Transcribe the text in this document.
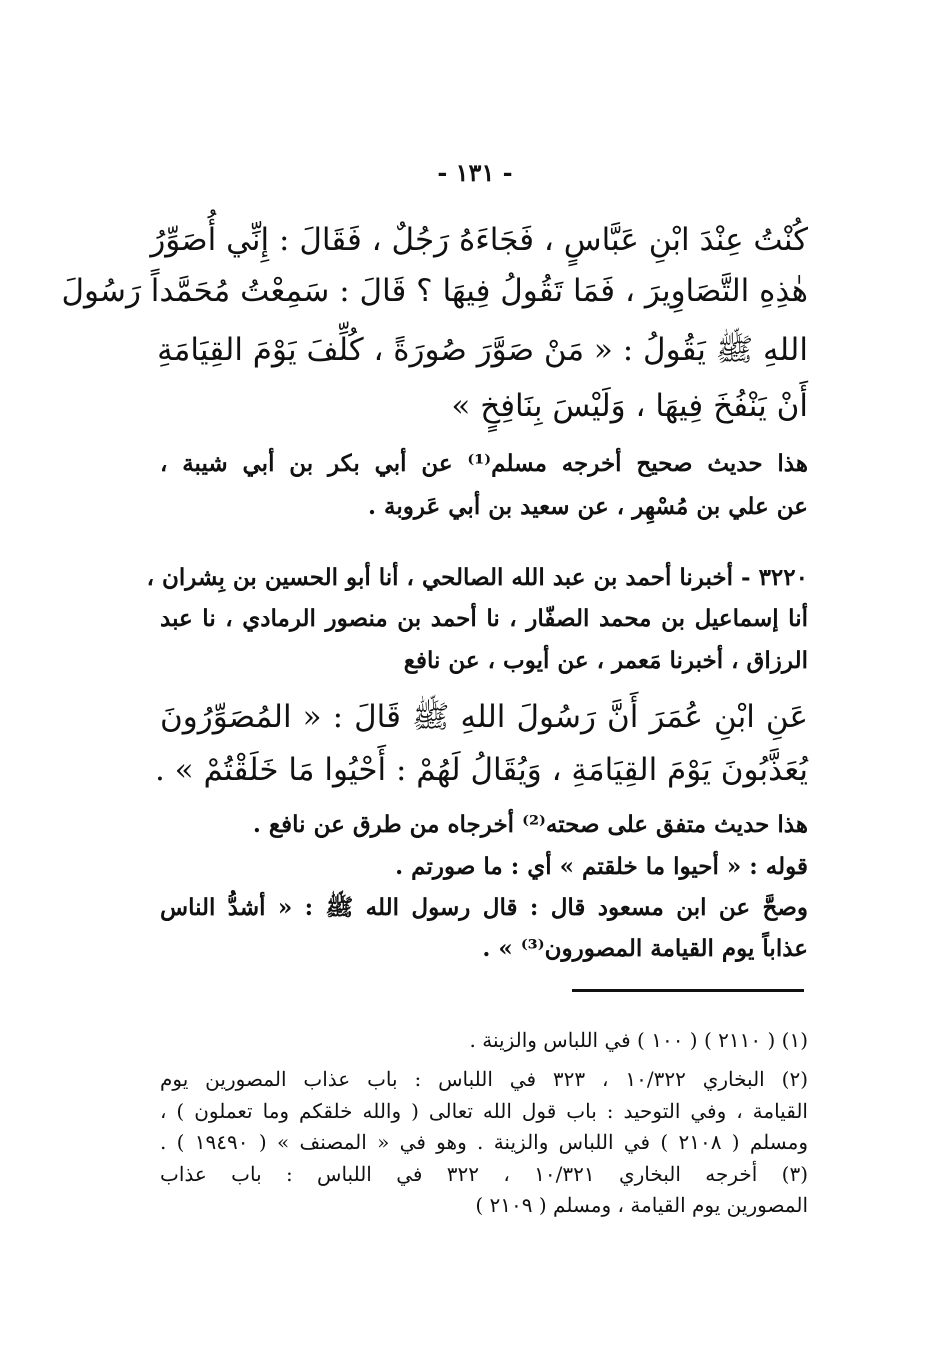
- ١٣١ -
كُنْتُ عِنْدَ ابْنِ عَبَّاسٍ ، فَجَاءَهُ رَجُلٌ ، فَقَالَ : إِنِّي أُصَوِّرُ
هٰذِهِ التَّصَاوِيرَ ، فَمَا تَقُولُ فِيهَا ؟ قَالَ : سَمِعْتُ مُحَمَّداً رَسُولَ
اللهِ ﷺ يَقُولُ : « مَنْ صَوَّرَ صُورَةً ، كُلِّفَ يَوْمَ القِيَامَةِ
أَنْ يَنْفُخَ فِيهَا ، وَلَيْسَ بِنَافِخٍ »
هذا حديث صحيح أخرجه مسلم⁽¹⁾ عن أبي بكر بن أبي شيبة ،
عن علي بن مُسْهِر ، عن سعيد بن أبي عَروبة .
٣٢٢٠ - أخبرنا أحمد بن عبد الله الصالحي ، أنا أبو الحسين بن بِشران ،
أنا إسماعيل بن محمد الصفّار ، نا أحمد بن منصور الرمادي ، نا عبد
الرزاق ، أخبرنا مَعمر ، عن أيوب ، عن نافع
عَنِ ابْنِ عُمَرَ أَنَّ رَسُولَ اللهِ ﷺ قَالَ : « المُصَوِّرُونَ
يُعَذَّبُونَ يَوْمَ القِيَامَةِ ، وَيُقَالُ لَهُمْ : أَحْيُوا مَا خَلَقْتُمْ » .
هذا حديث متفق على صحته⁽²⁾ أخرجاه من طرق عن نافع .
قوله : « أحيوا ما خلقتم » أي : ما صورتم .
وصحَّ عن ابن مسعود قال : قال رسول الله ﷺ : « أشدُّ الناس
عذاباً يوم القيامة المصورون⁽³⁾ » .
(١) ( ٢١١٠ ) ( ١٠٠ ) في اللباس والزينة .
(٢) البخاري ١٠/٣٢٢ ، ٣٢٣ في اللباس : باب عذاب المصورين يوم
القيامة ، وفي التوحيد : باب قول الله تعالى ( والله خلقكم وما تعملون ) ،
ومسلم ( ٢١٠٨ ) في اللباس والزينة . وهو في « المصنف » ( ١٩٤٩٠ ) .
(٣) أخرجه البخاري ١٠/٣٢١ ، ٣٢٢ في اللباس : باب عذاب
المصورين يوم القيامة ، ومسلم ( ٢١٠٩ )
